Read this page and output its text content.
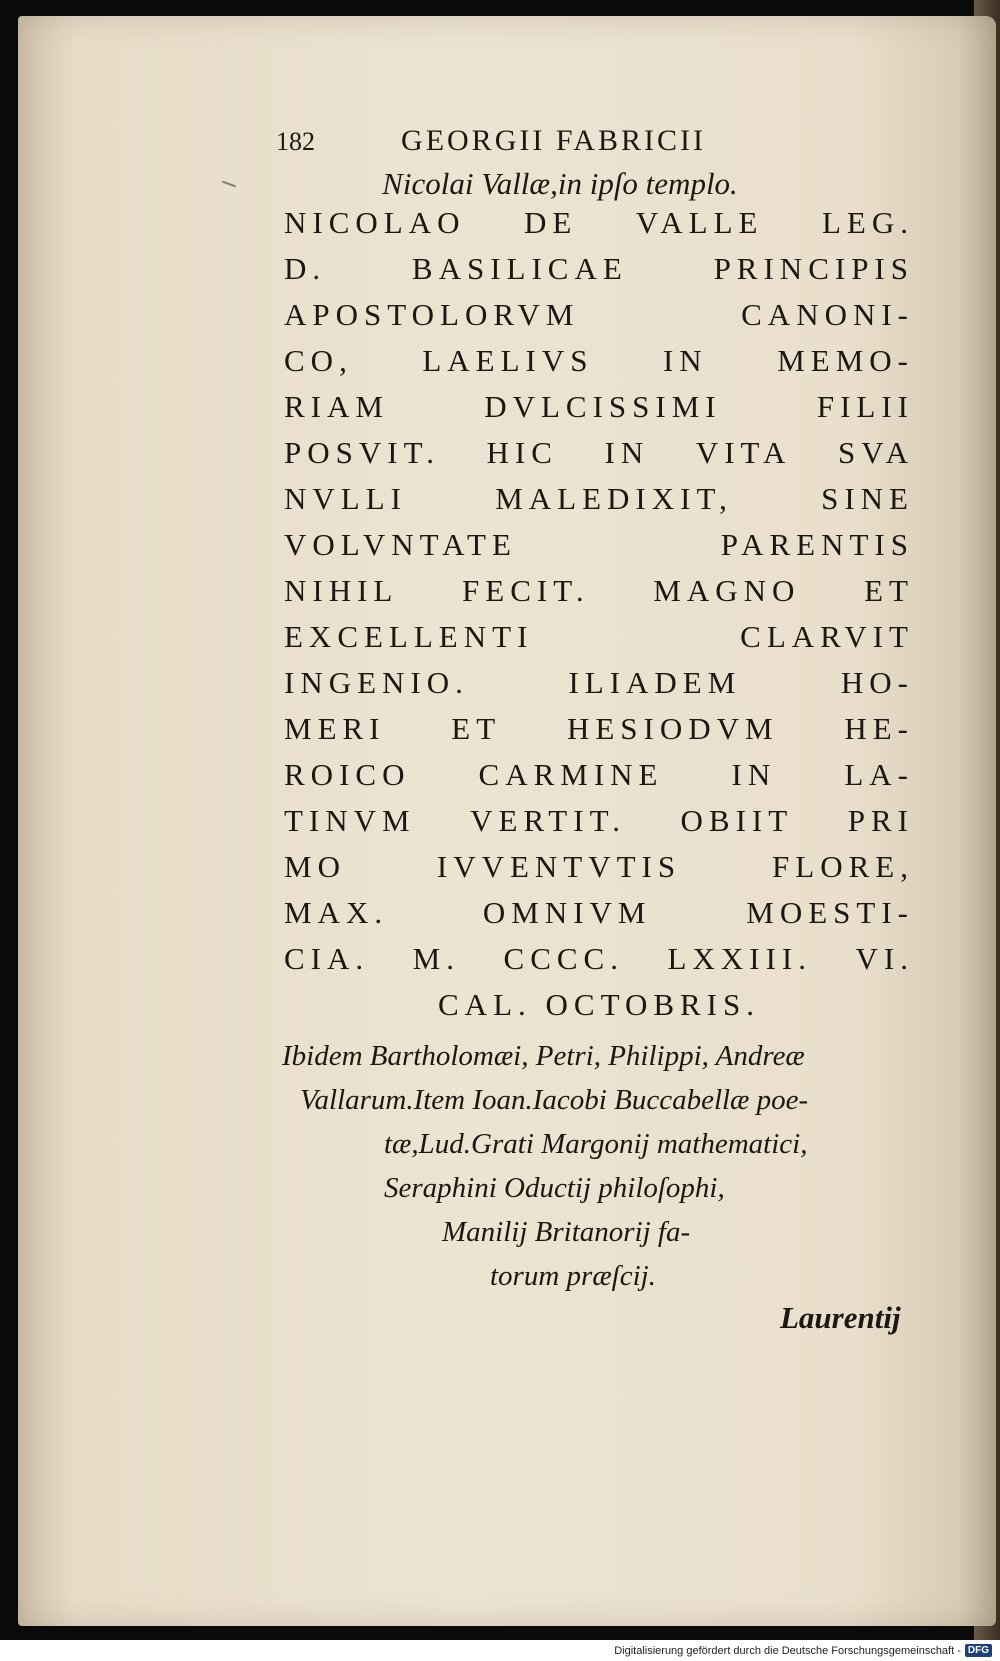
182	GEORGII FABRICII
Nicolai Vallæ,in ipſo templo.
NICOLAO DE VALLE LEG.
D.	BASILICAE	PRINCIPIS
APOSTOLORVM	CANONI-
CO, LAELIVS IN MEMO-
RIAM	DVLCISSIMI	FILII
POSVIT. HIC IN VITA SVA
NVLLI	MALEDIXIT,	SINE
VOLVNTATE	PARENTIS
NIHIL FECIT. MAGNO ET
EXCELLENTI	CLARVIT
INGENIO.	ILIADEM	HO-
MERI ET HESIODVM HE-
ROICO CARMINE IN LA-
TINVM VERTIT. OBIIT PRI
MO	IVVENTVTIS	FLORE,
MAX.	OMNIVM	MOESTI-
CIA. M. CCCC. LXXIII. VI.
CAL. OCTOBRIS.
Ibidem Bartholomæi, Petri, Philippi, Andreæ
Vallarum.Item Ioan.Iacobi Buccabellæ poe-
tæ,Lud.Grati Margonij mathematici,
Seraphini Oductij philoſophi,
Manilij Britanorij fa-
torum præſcij.
Laurentij
Digitalisierung gefördert durch die Deutsche Forschungsgemeinschaft - DFG
